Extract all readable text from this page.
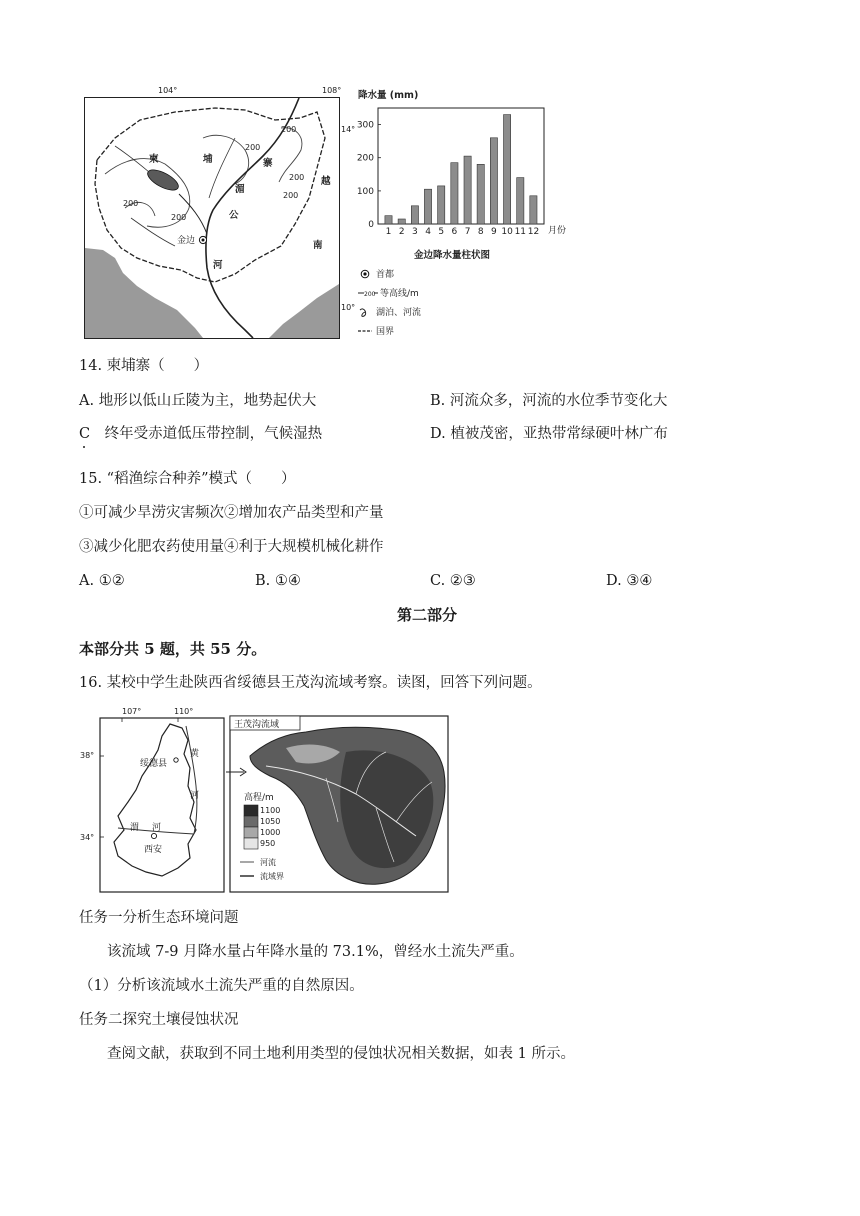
柬	埔	寨
越
南
湄
公
河
金边
200
200
200
200
200
200
104°	108°
14°
10°
降水量 (mm)
0
100
200
300
1 2 3 4 5 6 7 8 9 10 11 12 月份
金边降水量柱状图
首都
200 等高线/m
湖泊、河流
国界
14. 柬埔寨（　　）
A. 地形以低山丘陵为主，地势起伏大	B. 河流众多，河流的水位季节变化大
C　终年受赤道低压带控制，气候湿热	D. 植被茂密，亚热带常绿硬叶林广布
15. “稻渔综合种养”模式（　　）
①可减少旱涝灾害频次②增加农产品类型和产量
③减少化肥农药使用量④利于大规模机械化耕作
A. ①②	B. ①④	C. ②③	D. ③④
第二部分
本部分共 5 题，共 55 分。
16. 某校中学生赴陕西省绥德县王茂沟流域考察。读图，回答下列问题。
107°	110°
38°
34°
绥德县
西安
黄
河
渭 河
王茂沟流域
高程/m
1100
1050
1000
950
河流
流域界
任务一分析生态环境问题
该流域 7-9 月降水量占年降水量的 73.1%，曾经水土流失严重。
（1）分析该流域水土流失严重的自然原因。
任务二探究土壤侵蚀状况
查阅文献，获取到不同土地利用类型的侵蚀状况相关数据，如表 1 所示。
